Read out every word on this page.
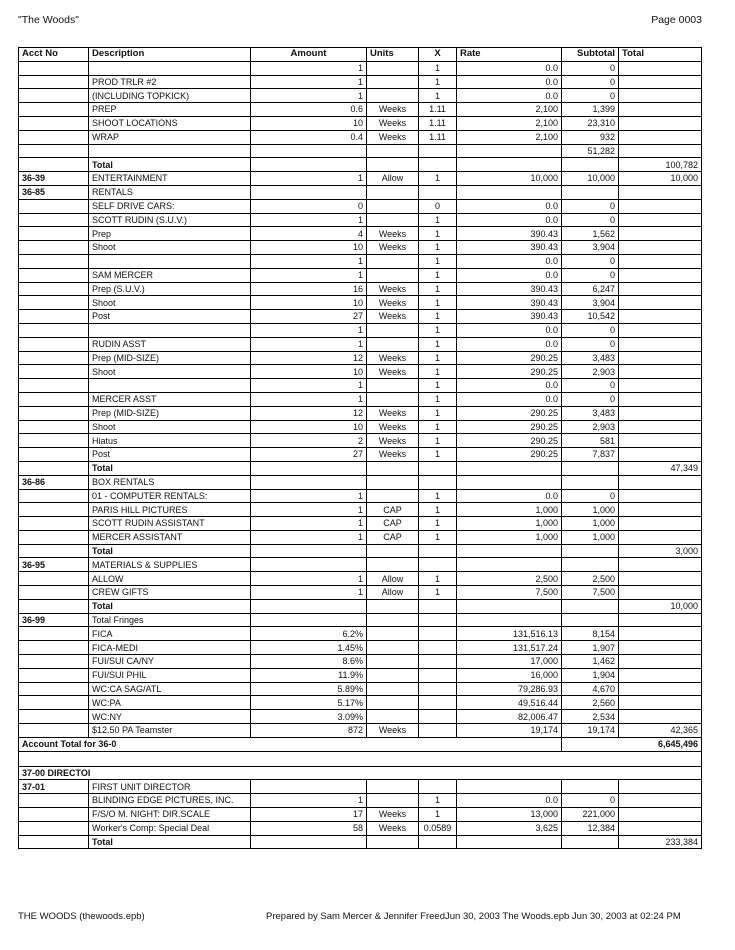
"The Woods"	Page 0003
Acct No	Description	Amount	Units	X	Rate	Subtotal	Total
		1		1	0.0	0	
	PROD TRLR #2	1		1	0.0	0	
	(INCLUDING TOPKICK)	1		1	0.0	0	
	PREP	0.6	Weeks	1.11	2,100	1,399	
	SHOOT LOCATIONS	10	Weeks	1.11	2,100	23,310	
	WRAP	0.4	Weeks	1.11	2,100	932	
						51,282	
	Total						100,782
36-39	ENTERTAINMENT	1	Allow	1	10,000	10,000	10,000
36-85	RENTALS						
	SELF DRIVE CARS:	0		0	0.0	0	
	SCOTT RUDIN (S.U.V.)	1		1	0.0	0	
	Prep	4	Weeks	1	390.43	1,562	
	Shoot	10	Weeks	1	390.43	3,904	
		1		1	0.0	0	
	SAM MERCER	1		1	0.0	0	
	Prep (S.U.V.)	16	Weeks	1	390.43	6,247	
	Shoot	10	Weeks	1	390.43	3,904	
	Post	27	Weeks	1	390.43	10,542	
		1		1	0.0	0	
	RUDIN ASST	1		1	0.0	0	
	Prep (MID-SIZE)	12	Weeks	1	290.25	3,483	
	Shoot	10	Weeks	1	290.25	2,903	
		1		1	0.0	0	
	MERCER ASST	1		1	0.0	0	
	Prep (MID-SIZE)	12	Weeks	1	290.25	3,483	
	Shoot	10	Weeks	1	290.25	2,903	
	Hiatus	2	Weeks	1	290.25	581	
	Post	27	Weeks	1	290.25	7,837	
	Total						47,349
36-86	BOX RENTALS						
	01 - COMPUTER RENTALS:	1		1	0.0	0	
	PARIS HILL PICTURES	1	CAP	1	1,000	1,000	
	SCOTT RUDIN ASSISTANT	1	CAP	1	1,000	1,000	
	MERCER ASSISTANT	1	CAP	1	1,000	1,000	
	Total						3,000
36-95	MATERIALS & SUPPLIES						
	ALLOW	1	Allow	1	2,500	2,500	
	CREW GIFTS	1	Allow	1	7,500	7,500	
	Total						10,000
36-99	Total Fringes						
	FICA	6.2%			131,516.13	8,154	
	FICA-MEDI	1.45%			131,517.24	1,907	
	FUI/SUI CA/NY	8.6%			17,000	1,462	
	FUI/SUI PHIL	11.9%			16,000	1,904	
	WC:CA SAG/ATL	5.89%			79,286.93	4,670	
	WC:PA	5.17%			49,516.44	2,560	
	WC:NY	3.09%			82,006.47	2,534	
	$12.50 PA Teamster	872	Weeks		19,174	19,174	42,365
Account Total for 36-0						6,645,496	

37-00 DIRECTOI							
37-01	FIRST UNIT DIRECTOR						
	BLINDING EDGE PICTURES, INC.	1		1	0.0	0	
	F/S/O M. NIGHT: DIR.SCALE	17	Weeks	1	13,000	221,000	
	Worker's Comp: Special Deal	58	Weeks	0.0589	3,625	12,384	
	Total						233,384
THE WOODS (thewoods.epb)	Prepared by Sam Mercer & Jennifer FreedJun 30, 2003 The Woods.epb Jun 30, 2003 at 02:24 PM
